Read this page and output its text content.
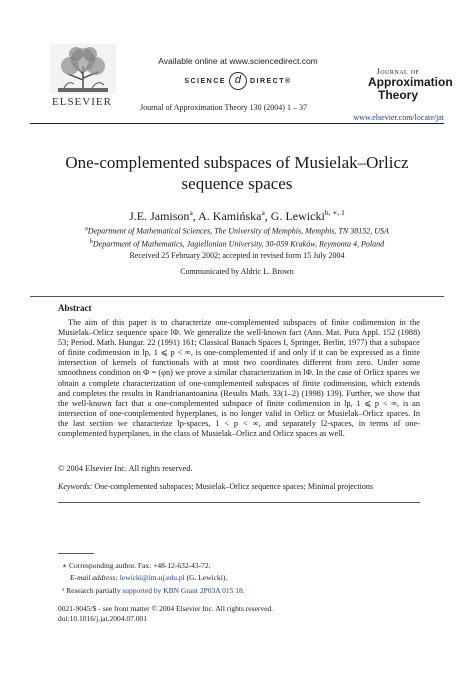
ELSEVIER
Available online at www.sciencedirect.com
SCIENCE d DIRECT®
Journal of Approximation Theory 130 (2004) 1 – 37
Journal of
Approximation
Theory
www.elsevier.com/locate/jat
One-complemented subspaces of Musielak–Orlicz
sequence spaces
J.E. Jamison$^a$, A. Kamińska$^a$, G. Lewicki$^{b, ∗, 1}$
$^a$Department of Mathematical Sciences, The University of Memphis, Memphis, TN 38152, USA
$^b$Department of Mathematics, Jagiellonian University, 30-059 Kraków, Reymonta 4, Poland
Received 25 February 2002; accepted in revised form 15 July 2004
Communicated by Aldric L. Brown
Abstract

The aim of this paper is to characterize one-complemented subspaces of finite codimension in the Musielak–Orlicz sequence space lΦ. We generalize the well-known fact (Ann. Mat. Pura Appl. 152 (1988) 53; Period. Math. Hungar. 22 (1991) 161; Classical Banach Spaces I, Springer, Berlin, 1977) that a subspace of finite codimension in lp, 1 ⩽ p < ∞, is one-complemented if and only if it can be expressed as a finite intersection of kernels of functionals with at most two coordinates different from zero. Under some smoothness condition on Φ = (φn) we prove a similar characterization in lΦ. In the case of Orlicz spaces we obtain a complete characterization of one-complemented subspaces of finite codimension, which extends and completes the results in Randrianantoanina (Results Math. 33(1–2) (1998) 139). Further, we show that the well-known fact that a one-complemented subspace of finite codimension in lp, 1 ⩽ p < ∞, is an intersection of one-complemented hyperplanes, is no longer valid in Orlicz or Musielak–Orlicz spaces. In the last section we characterize lp-spaces, 1 < p < ∞, and separately l2-spaces, in terms of one-complemented hyperplanes, in the class of Musielak–Orlicz and Orlicz spaces as well.

© 2004 Elsevier Inc. All rights reserved.
Keywords: One-complemented subspaces; Musielak–Orlicz sequence spaces; Minimal projections
∗ Corresponding author. Fax: +48-12-632-43-72.
E-mail address: lewicki@im.uj.edu.pl (G. Lewicki).
¹ Research partially supported by KBN Grant 2P03A 015 18.
0021-9045/$ - see front matter © 2004 Elsevier Inc. All rights reserved.
doi:10.1016/j.jat.2004.07.001
